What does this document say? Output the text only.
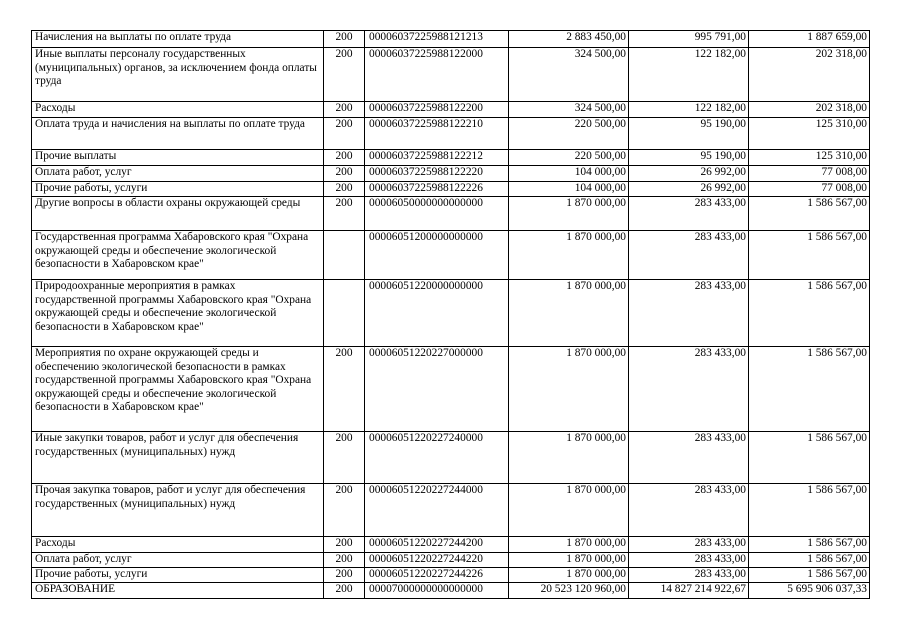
Начисления на выплаты по оплате труда	200	00006037225988121213	2 883 450,00	995 791,00	1 887 659,00
Иные выплаты персоналу государственных (муниципальных) органов, за исключением фонда оплаты труда	200	00006037225988122000	324 500,00	122 182,00	202 318,00
Расходы	200	00006037225988122200	324 500,00	122 182,00	202 318,00
Оплата труда и начисления на выплаты по оплате труда	200	00006037225988122210	220 500,00	95 190,00	125 310,00
Прочие выплаты	200	00006037225988122212	220 500,00	95 190,00	125 310,00
Оплата работ, услуг	200	00006037225988122220	104 000,00	26 992,00	77 008,00
Прочие работы, услуги	200	00006037225988122226	104 000,00	26 992,00	77 008,00
Другие вопросы в области охраны окружающей среды	200	00006050000000000000	1 870 000,00	283 433,00	1 586 567,00
Государственная программа Хабаровского края "Охрана окружающей среды и обеспечение экологической безопасности в Хабаровском крае"		00006051200000000000	1 870 000,00	283 433,00	1 586 567,00
Природоохранные мероприятия в рамках государственной программы Хабаровского края "Охрана окружающей среды и обеспечение экологической безопасности в Хабаровском крае"		00006051220000000000	1 870 000,00	283 433,00	1 586 567,00
Мероприятия по охране окружающей среды и обеспечению экологической безопасности в рамках государственной программы Хабаровского края "Охрана окружающей среды и обеспечение экологической безопасности в Хабаровском крае"	200	00006051220227000000	1 870 000,00	283 433,00	1 586 567,00
Иные закупки товаров, работ и услуг для обеспечения государственных (муниципальных) нужд	200	00006051220227240000	1 870 000,00	283 433,00	1 586 567,00
Прочая закупка товаров, работ и услуг для обеспечения государственных (муниципальных) нужд	200	00006051220227244000	1 870 000,00	283 433,00	1 586 567,00
Расходы	200	00006051220227244200	1 870 000,00	283 433,00	1 586 567,00
Оплата работ, услуг	200	00006051220227244220	1 870 000,00	283 433,00	1 586 567,00
Прочие работы, услуги	200	00006051220227244226	1 870 000,00	283 433,00	1 586 567,00
ОБРАЗОВАНИЕ	200	00007000000000000000	20 523 120 960,00	14 827 214 922,67	5 695 906 037,33
